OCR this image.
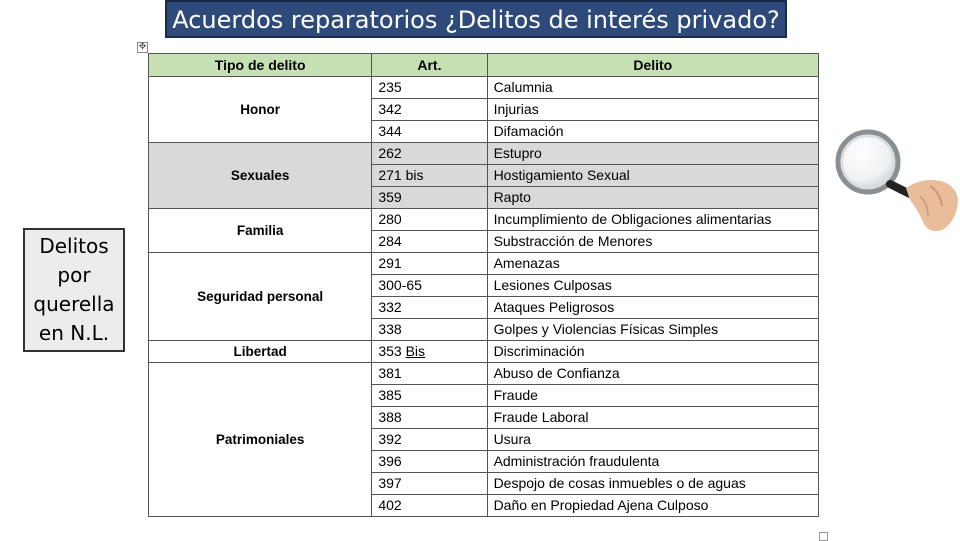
Acuerdos reparatorios ¿Delitos de interés privado?
✥
Delitos
por
querella
en N.L.
Tipo de delito	Art.	Delito
Honor	235	Calumnia
	342	Injurias
	344	Difamación
Sexuales	262	Estupro
	271 bis	Hostigamiento Sexual
	359	Rapto
Familia	280	Incumplimiento de Obligaciones alimentarias
	284	Substracción de Menores
Seguridad personal	291	Amenazas
	300-65	Lesiones Culposas
	332	Ataques Peligrosos
	338	Golpes y Violencias Físicas Simples
Libertad	353 Bis	Discriminación
Patrimoniales	381	Abuso de Confianza
	385	Fraude
	388	Fraude Laboral
	392	Usura
	396	Administración fraudulenta
	397	Despojo de cosas inmuebles o de aguas
	402	Daño en Propiedad Ajena Culposo
